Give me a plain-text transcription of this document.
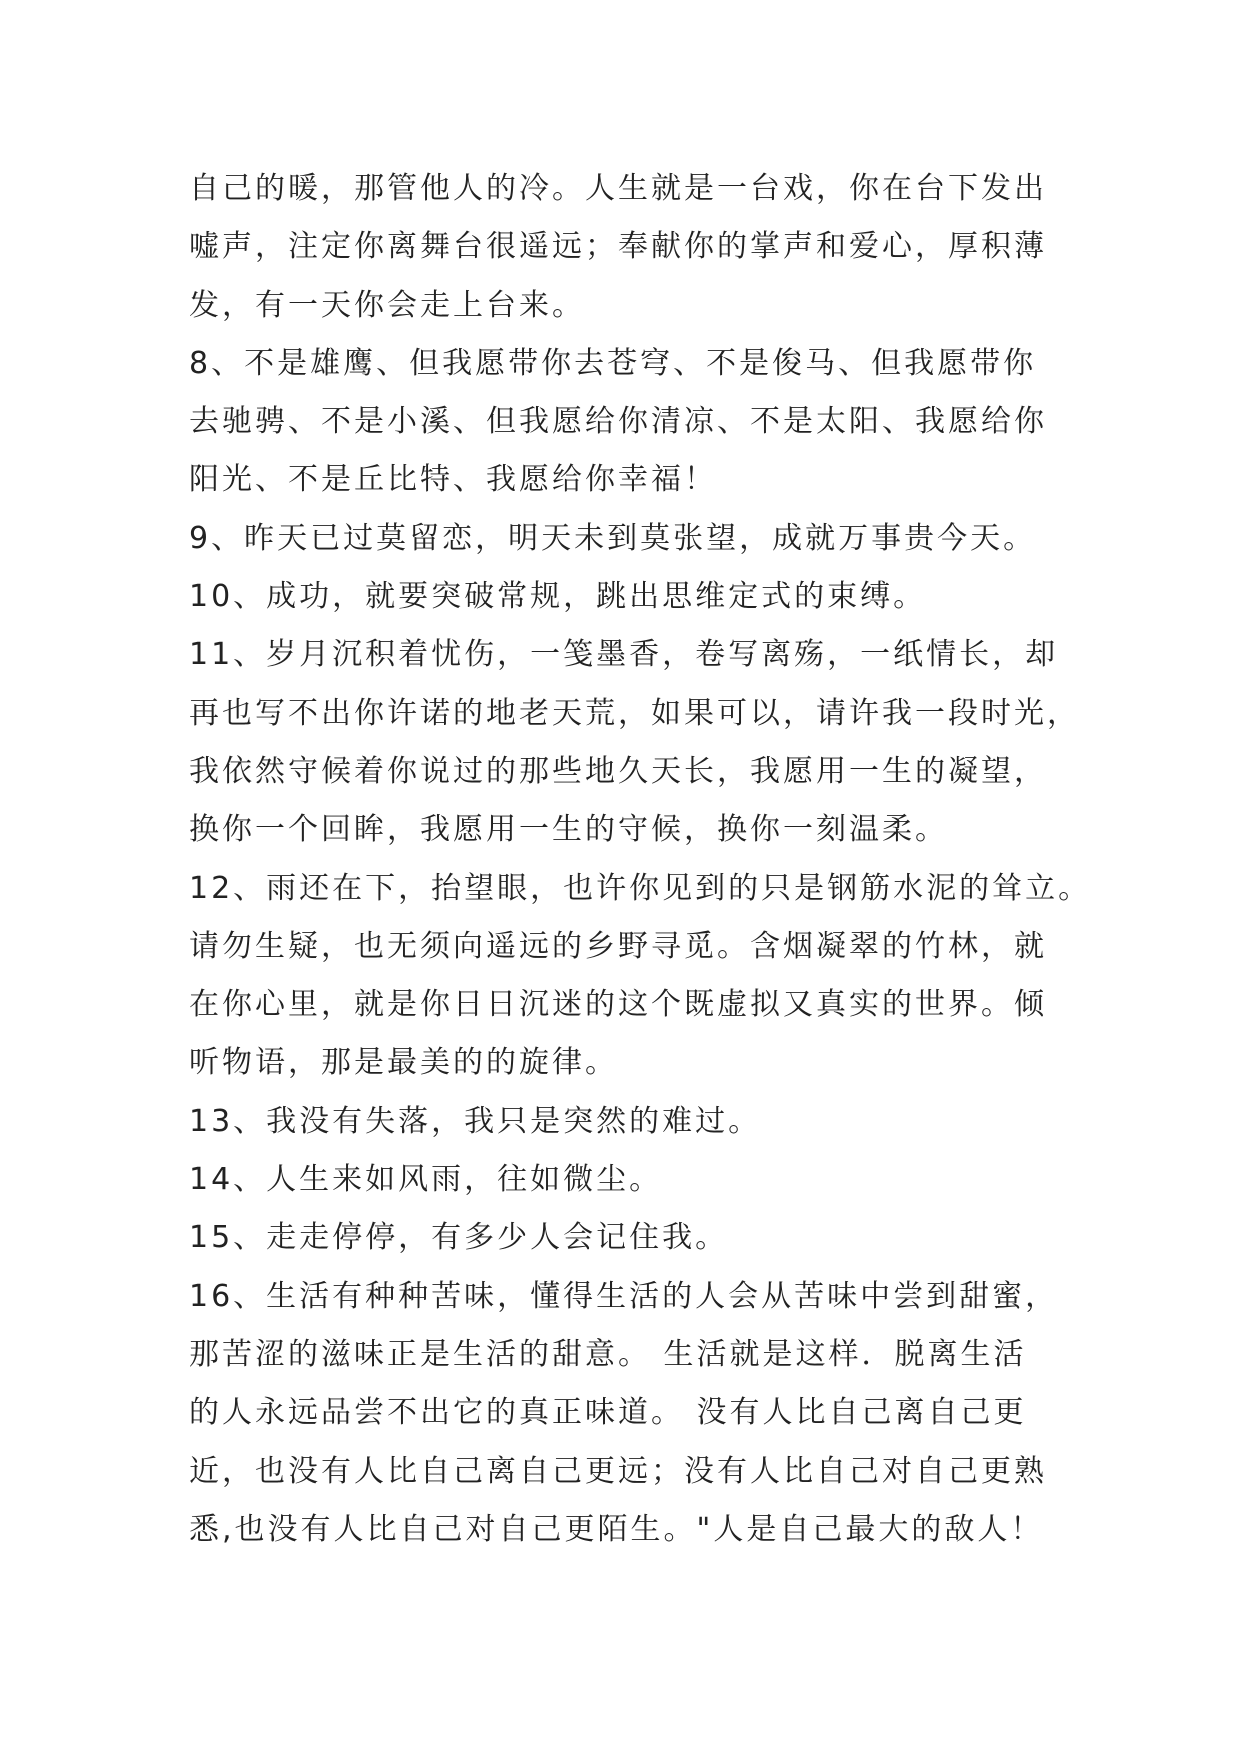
自己的暖，那管他人的冷。人生就是一台戏，你在台下发出
嘘声，注定你离舞台很遥远；奉献你的掌声和爱心，厚积薄
发，有一天你会走上台来。
8、不是雄鹰、但我愿带你去苍穹、不是俊马、但我愿带你
去驰骋、不是小溪、但我愿给你清凉、不是太阳、我愿给你
阳光、不是丘比特、我愿给你幸福！
9、昨天已过莫留恋，明天未到莫张望，成就万事贵今天。
10、成功，就要突破常规，跳出思维定式的束缚。
11、岁月沉积着忧伤，一笺墨香，卷写离殇，一纸情长，却
再也写不出你许诺的地老天荒，如果可以，请许我一段时光，
我依然守候着你说过的那些地久天长，我愿用一生的凝望，
换你一个回眸，我愿用一生的守候，换你一刻温柔。
12、雨还在下，抬望眼，也许你见到的只是钢筋水泥的耸立。
请勿生疑，也无须向遥远的乡野寻觅。含烟凝翠的竹林，就
在你心里，就是你日日沉迷的这个既虚拟又真实的世界。倾
听物语，那是最美的的旋律。
13、我没有失落，我只是突然的难过。
14、人生来如风雨，往如微尘。
15、走走停停，有多少人会记住我。
16、生活有种种苦味，懂得生活的人会从苦味中尝到甜蜜，
那苦涩的滋味正是生活的甜意。 生活就是这样．脱离生活
的人永远品尝不出它的真正味道。 没有人比自己离自己更
近，也没有人比自己离自己更远；没有人比自己对自己更熟
悉,也没有人比自己对自己更陌生。"人是自己最大的敌人！
